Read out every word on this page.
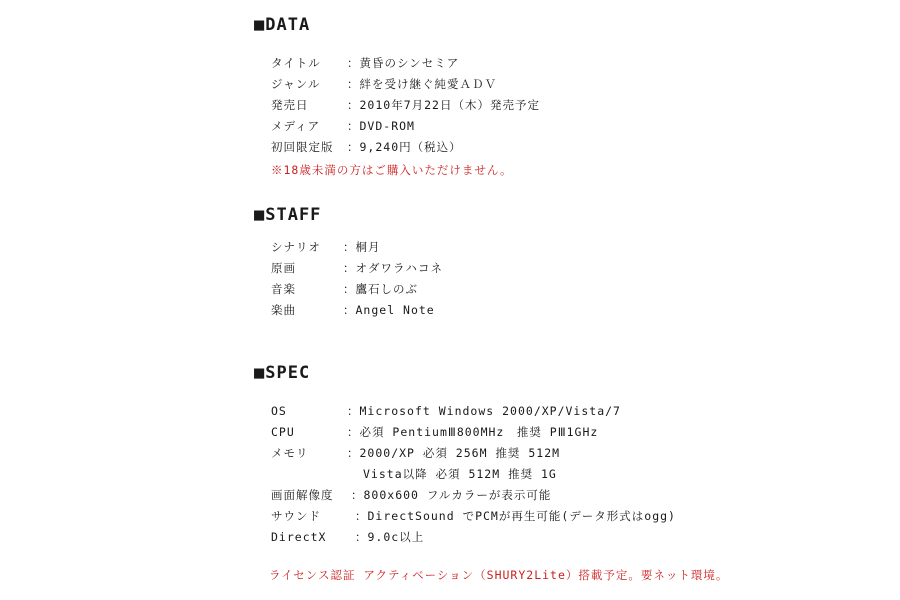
■DATA
タイトル ：黄昏のシンセミア
ジャンル ：絆を受け継ぐ純愛ＡＤＶ
発売日	：2010年7月22日（木）発売予定
メディア ：DVD-ROM
初回限定版 ：9,240円（税込）
※18歳未満の方はご購入いただけません。
■STAFF
シナリオ ：桐月
原画	：オダワラハコネ
音楽	：鷹石しのぶ
楽曲	：Angel Note
■SPEC
OS	：Microsoft Windows 2000/XP/Vista/7
CPU	：必須 PentiumⅢ800MHz　推奨 PⅢ1GHz
メモリ	：2000/XP 必須 256M 推奨 512M
Vista以降 必須 512M 推奨 1G
画面解像度 ：800x600 フルカラーが表示可能
サウンド	：DirectSound でPCMが再生可能(データ形式はogg)
DirectX ：9.0c以上
ライセンス認証 アクティベーション（SHURY2Lite）搭載予定。要ネット環境。
